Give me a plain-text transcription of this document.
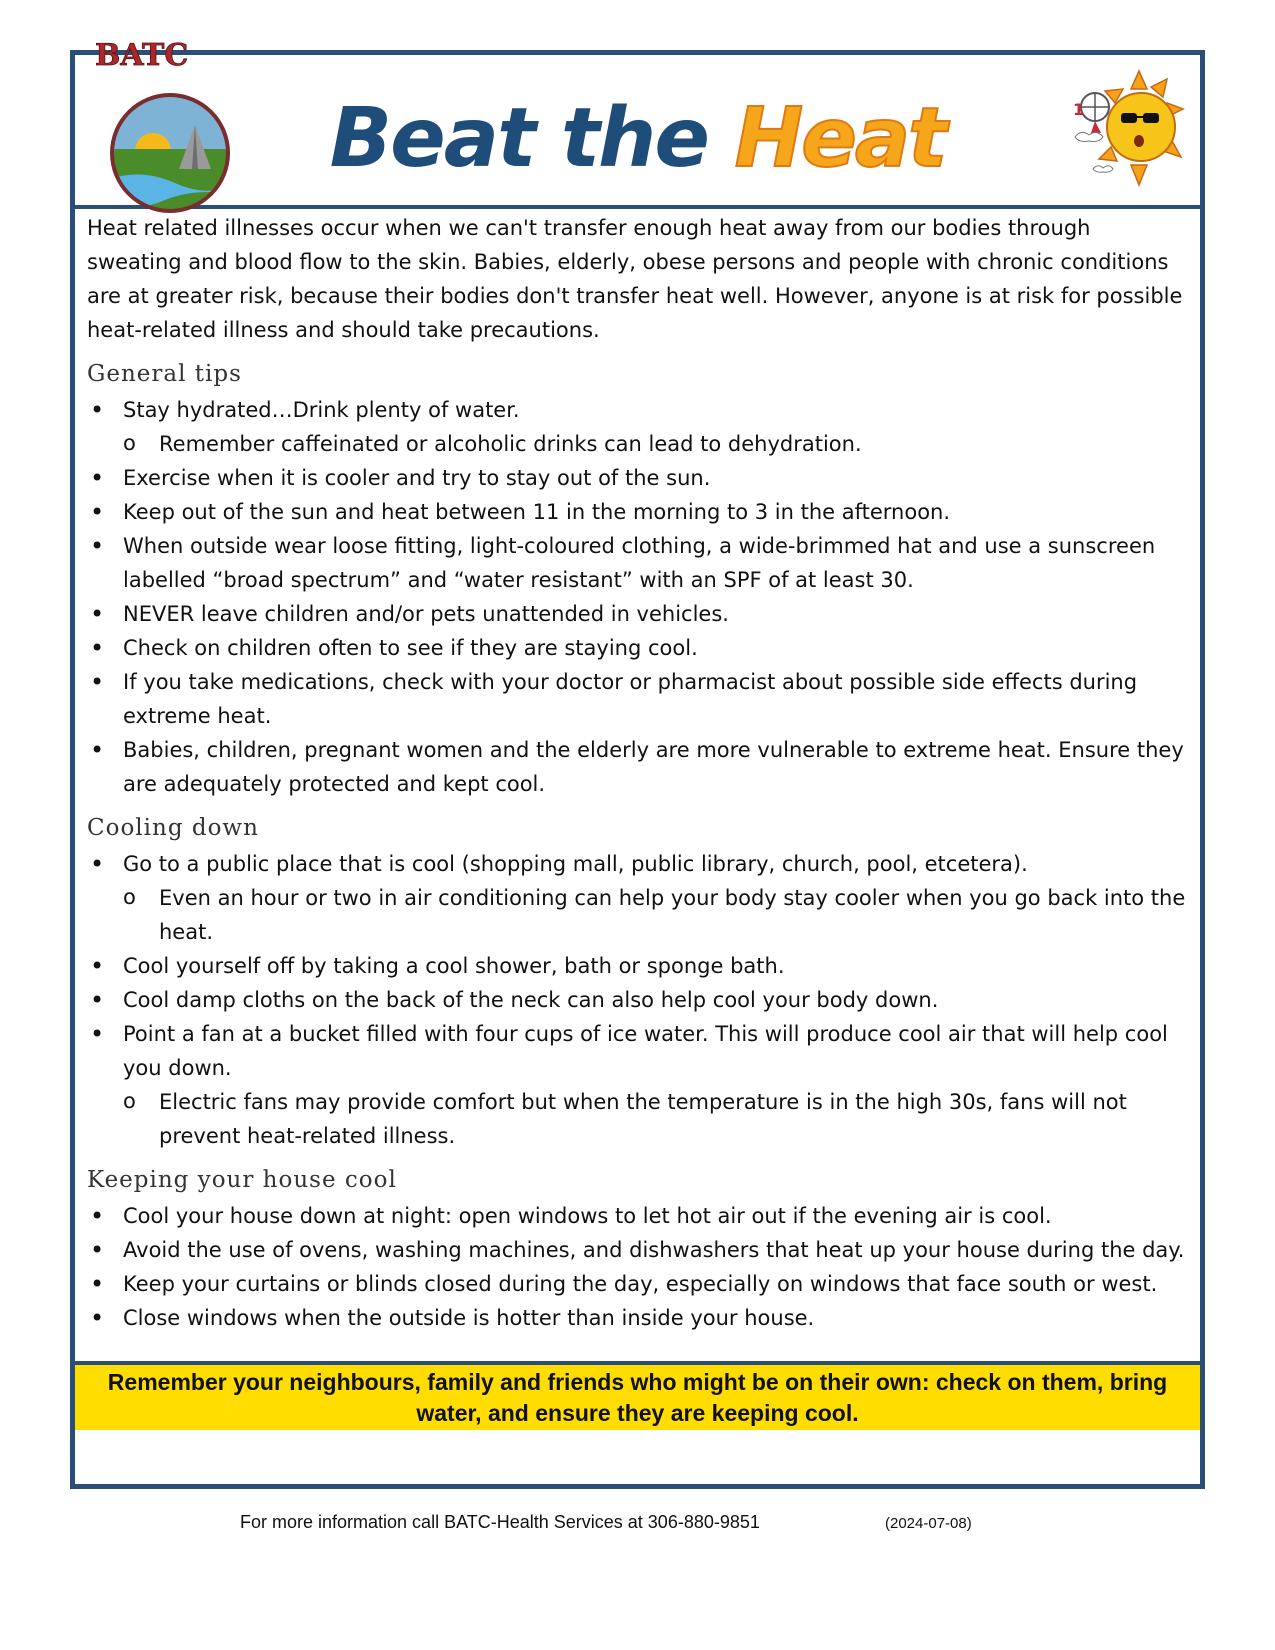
BATC
Beat the Heat	1

Heat related illnesses occur when we can't transfer enough heat away from our bodies through sweating and blood flow to the skin. Babies, elderly, obese persons and people with chronic conditions are at greater risk, because their bodies don't transfer heat well. However, anyone is at risk for possible heat-related illness and should take precautions.

General tips
• Stay hydrated…Drink plenty of water.
o Remember caffeinated or alcoholic drinks can lead to dehydration.
• Exercise when it is cooler and try to stay out of the sun.
• Keep out of the sun and heat between 11 in the morning to 3 in the afternoon.
• When outside wear loose fitting, light-coloured clothing, a wide-brimmed hat and use a sunscreen labelled “broad spectrum” and “water resistant” with an SPF of at least 30.
• NEVER leave children and/or pets unattended in vehicles.
• Check on children often to see if they are staying cool.
• If you take medications, check with your doctor or pharmacist about possible side effects during extreme heat.
• Babies, children, pregnant women and the elderly are more vulnerable to extreme heat. Ensure they are adequately protected and kept cool.
Cooling down
• Go to a public place that is cool (shopping mall, public library, church, pool, etcetera).
o Even an hour or two in air conditioning can help your body stay cooler when you go back into the heat.
• Cool yourself off by taking a cool shower, bath or sponge bath.
• Cool damp cloths on the back of the neck can also help cool your body down.
• Point a fan at a bucket filled with four cups of ice water. This will produce cool air that will help cool you down.
o Electric fans may provide comfort but when the temperature is in the high 30s, fans will not prevent heat-related illness.
Keeping your house cool
• Cool your house down at night: open windows to let hot air out if the evening air is cool.
• Avoid the use of ovens, washing machines, and dishwashers that heat up your house during the day.
• Keep your curtains or blinds closed during the day, especially on windows that face south or west.
• Close windows when the outside is hotter than inside your house.
Remember your neighbours, family and friends who might be on their own: check on them, bring water, and ensure they are keeping cool.
For more information call BATC-Health Services at 306-880-9851	(2024-07-08)
